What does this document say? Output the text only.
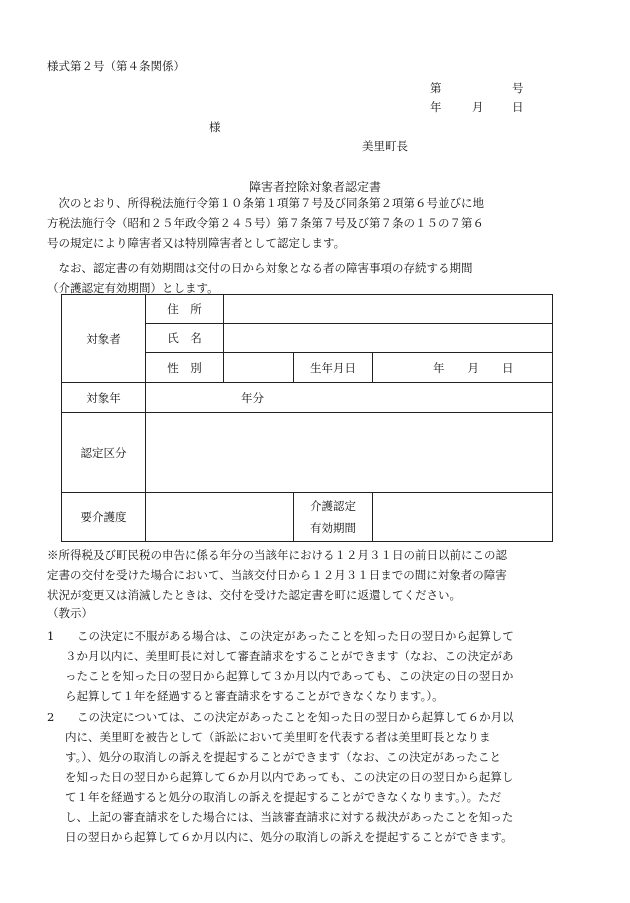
様式第２号（第４条関係）
第	号
年	月 日
様
美里町長
障害者控除対象者認定書
　次のとおり、所得税法施行令第１０条第１項第７号及び同条第２項第６号並びに地
方税法施行令（昭和２５年政令第２４５号）第７条第７号及び第７条の１５の７第６
号の規定により障害者又は特別障害者として認定します。
　なお、認定書の有効期間は交付の日から対象となる者の障害事項の存続する期間
（介護認定有効期間）とします。
対象者	住　所			
	氏　名			
	性　別		生年月日	年　　月　　日
対象年	年分			
認定区分				
要介護度			介護認定
有効期間	

※所得税及び町民税の申告に係る年分の当該年における１２月３１日の前日以前にこの認
定書の交付を受けた場合において、当該交付日から１２月３１日までの間に対象者の障害
状況が変更又は消滅したときは、交付を受けた認定書を町に返還してください。
（教示）
1	この決定に不服がある場合は、この決定があったことを知った日の翌日から起算して
３か月以内に、美里町長に対して審査請求をすることができます（なお、この決定があ
ったことを知った日の翌日から起算して３か月以内であっても、この決定の日の翌日か
ら起算して１年を経過すると審査請求をすることができなくなります。）。
2	この決定については、この決定があったことを知った日の翌日から起算して６か月以
内に、美里町を被告として（訴訟において美里町を代表する者は美里町長となりま
す。）、処分の取消しの訴えを提起することができます（なお、この決定があったこと
を知った日の翌日から起算して６か月以内であっても、この決定の日の翌日から起算し
て１年を経過すると処分の取消しの訴えを提起することができなくなります。）。ただ
し、上記の審査請求をした場合には、当該審査請求に対する裁決があったことを知った
日の翌日から起算して６か月以内に、処分の取消しの訴えを提起することができます。
